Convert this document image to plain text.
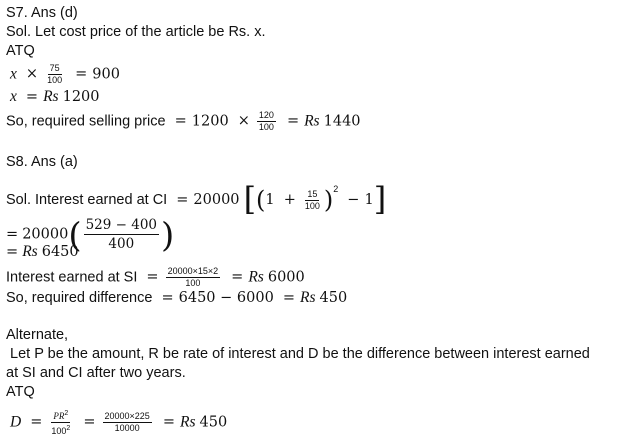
S7. Ans (d)
Sol. Let cost price of the article be Rs. x.
ATQ
$x \times \frac{75}{100} = 900$
x = Rs 1200
So, required selling price = $1200 \times \frac{120}{100} = Rs$ 1440
S8. Ans (a)
Sol. Interest earned at CI = 20000 $[(1 + \frac{15}{100} )^2 - 1]$
= $20000( \frac{529 - 400}{400}$ )
= Rs 6450
Interest earned at SI = $\frac{20000\times 15\times 2}{100} = Rs$ 6000
So, required difference = 6450 − 6000 = Rs 450
Alternate,
Let P be the amount, R be rate of interest and D be the difference between interest earned
at SI and CI after two years.
ATQ
$D = \frac{PR^2}{100^2} = \frac{20000\times 225}{10000} = Rs$ 450
